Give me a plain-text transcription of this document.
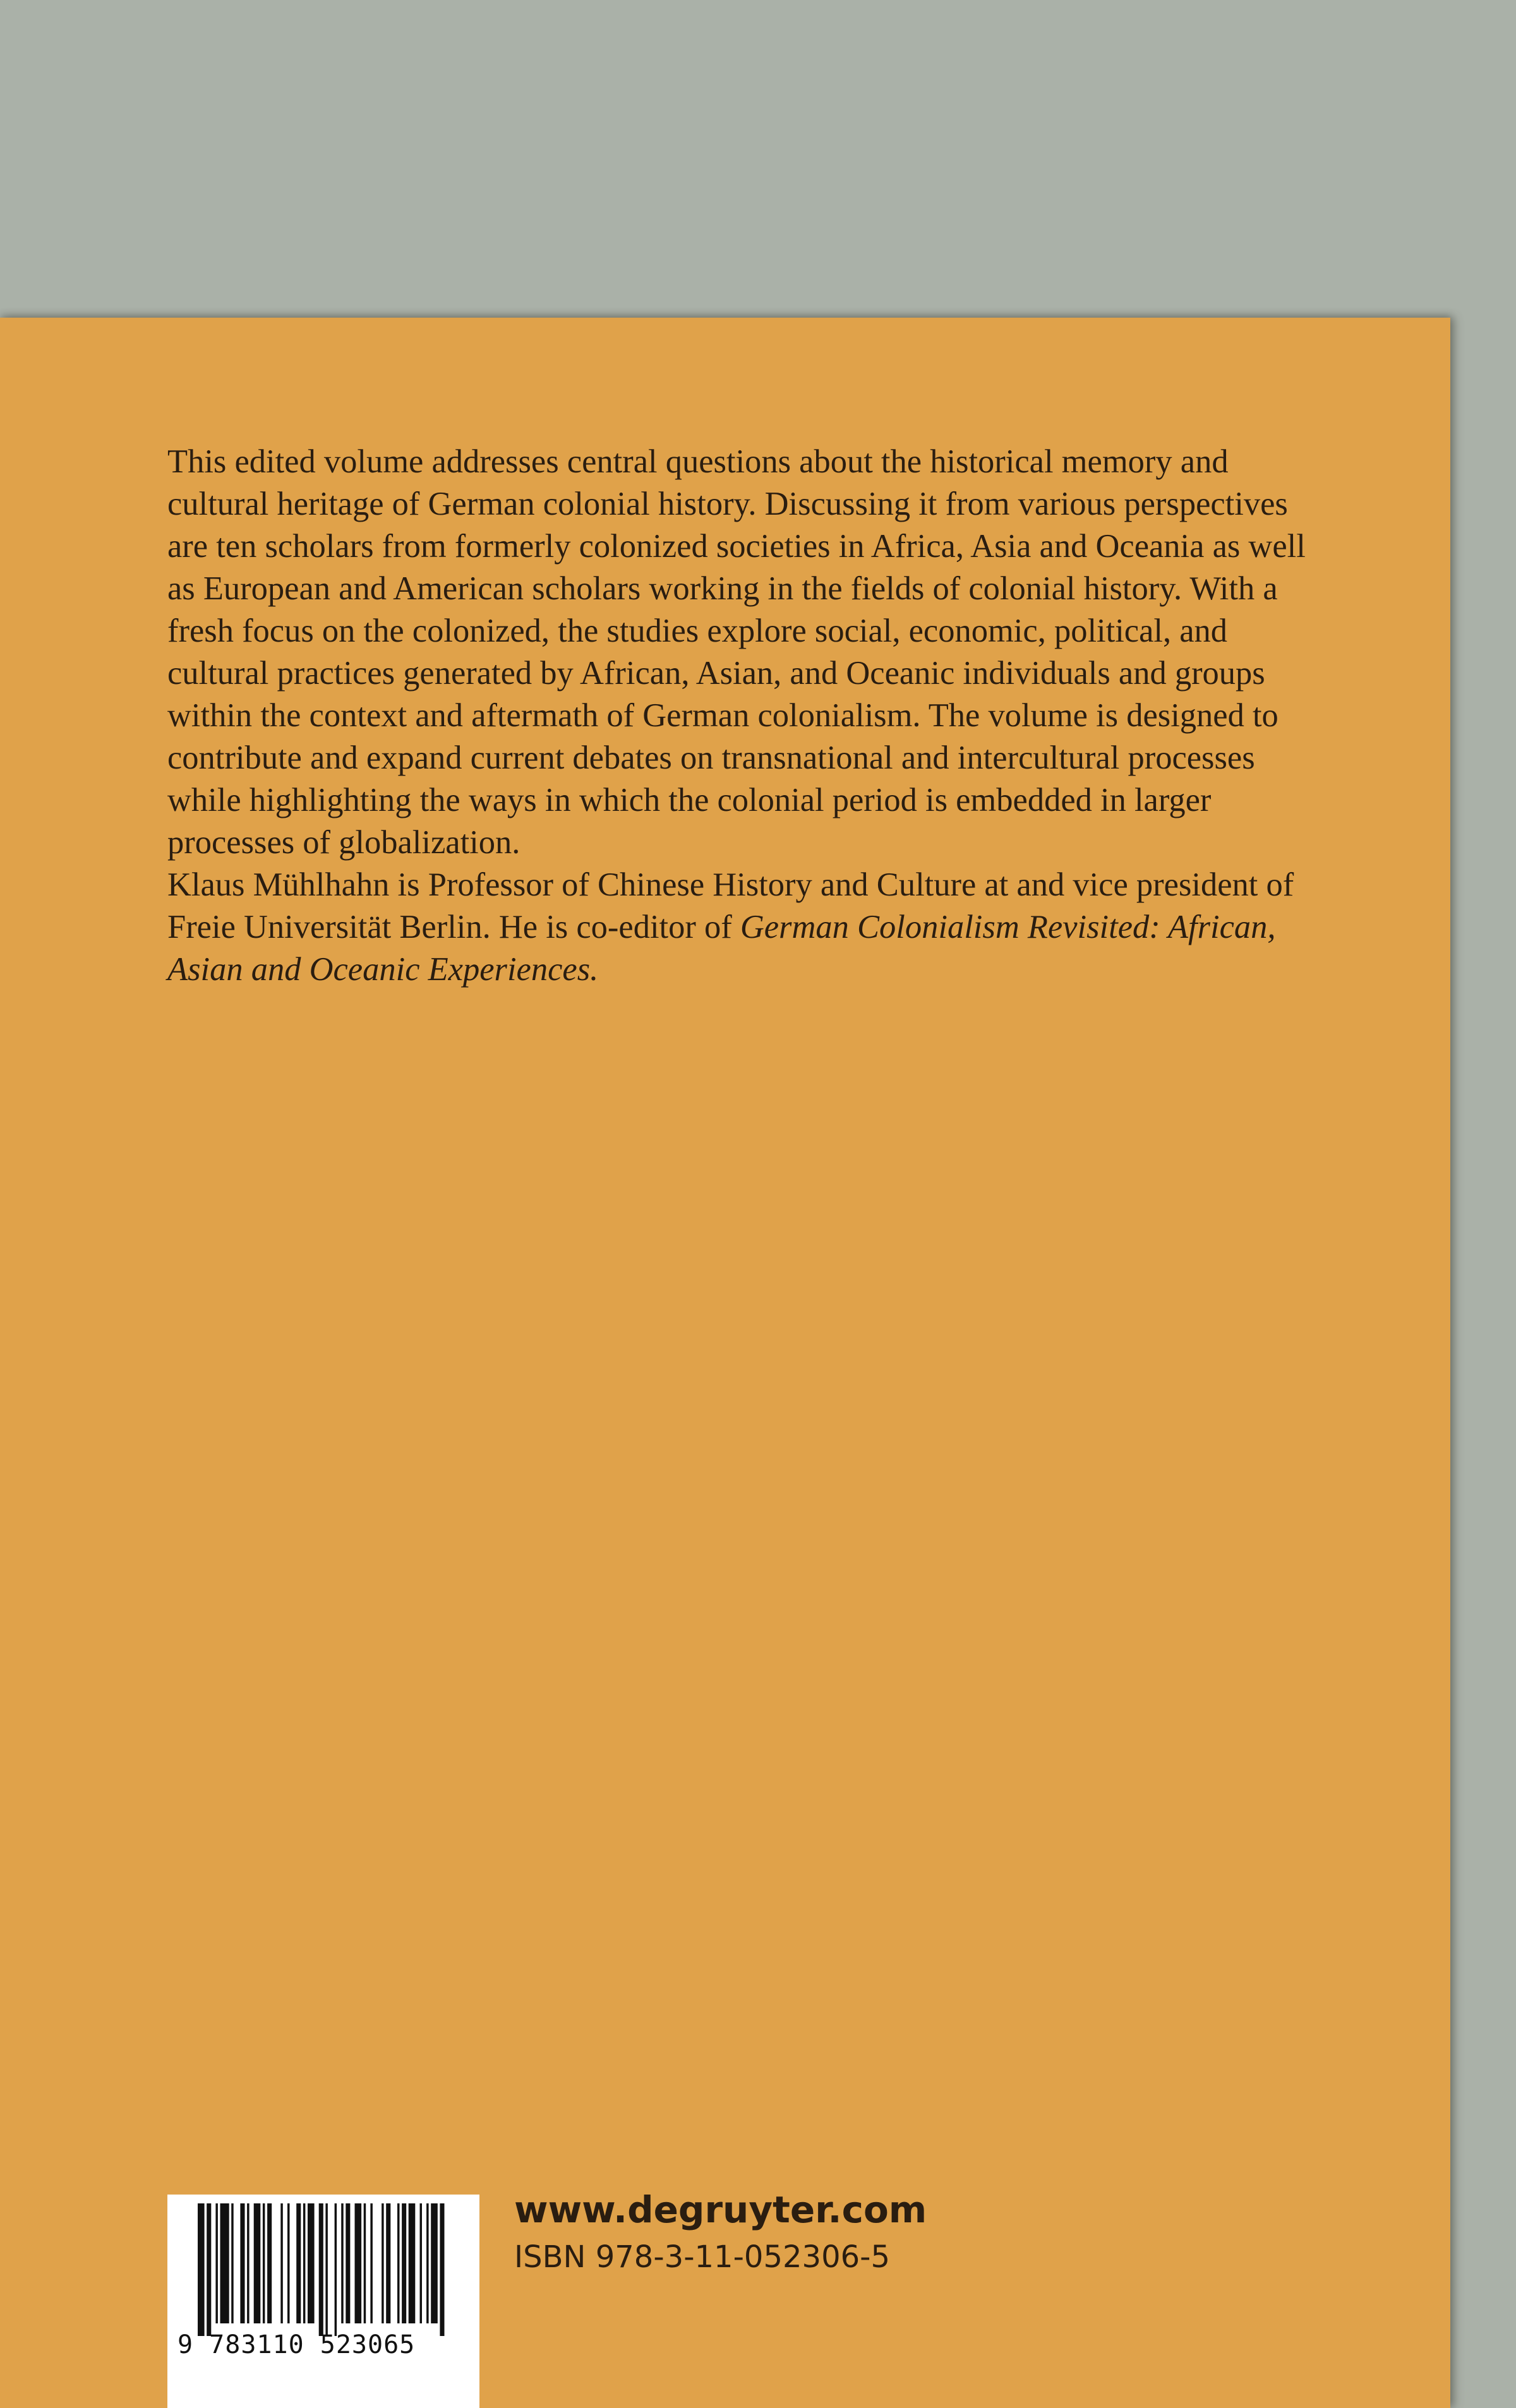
This edited volume addresses central questions about the historical memory and cultural heritage of German colonial history. Discussing it from various perspectives are ten scholars from formerly colonized societies in Africa, Asia and Oceania as well as European and American scholars working in the fields of colonial history. With a fresh focus on the colonized, the studies explore social, economic, political, and cultural practices generated by African, Asian, and Oceanic individuals and groups within the context and aftermath of German colonialism. The volume is designed to contribute and expand current debates on transnational and intercultural processes while highlighting the ways in which the colonial period is embedded in larger processes of globalization.

Klaus Mühlhahn is Professor of Chinese History and Culture at and vice president of Freie Universität Berlin. He is co-editor of German Colonialism Revisited: African, Asian and Oceanic Experiences.

9 783110 523065
www.degruyter.com
ISBN 978-3-11-052306-5
